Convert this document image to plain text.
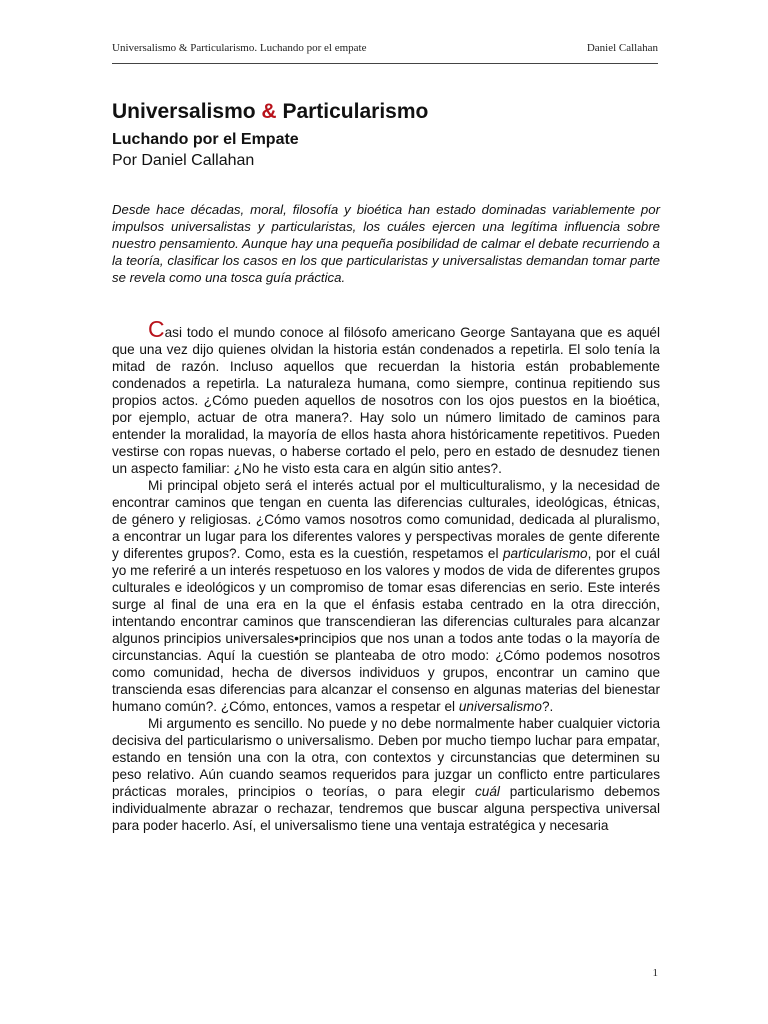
Universalismo & Particularismo. Luchando por el empate	Daniel Callahan
Universalismo & Particularismo

Luchando por el Empate

Por Daniel Callahan

Desde hace décadas, moral, filosofía y bioética han estado dominadas variablemente por impulsos universalistas y particularistas, los cuáles ejercen una legítima influencia sobre nuestro pensamiento. Aunque hay una pequeña posibilidad de calmar el debate recurriendo a la teoría, clasificar los casos en los que particularistas y universalistas demandan tomar parte se revela como una tosca guía práctica.

Casi todo el mundo conoce al filósofo americano George Santayana que es aquél que una vez dijo quienes olvidan la historia están condenados a repetirla. El solo tenía la mitad de razón. Incluso aquellos que recuerdan la historia están probablemente condenados a repetirla. La naturaleza humana, como siempre, continua repitiendo sus propios actos. ¿Cómo pueden aquellos de nosotros con los ojos puestos en la bioética, por ejemplo, actuar de otra manera?. Hay solo un número limitado de caminos para entender la moralidad, la mayoría de ellos hasta ahora históricamente repetitivos. Pueden vestirse con ropas nuevas, o haberse cortado el pelo, pero en estado de desnudez tienen un aspecto familiar: ¿No he visto esta cara en algún sitio antes?.

Mi principal objeto será el interés actual por el multiculturalismo, y la necesidad de encontrar caminos que tengan en cuenta las diferencias culturales, ideológicas, étnicas, de género y religiosas. ¿Cómo vamos nosotros como comunidad, dedicada al pluralismo, a encontrar un lugar para los diferentes valores y perspectivas morales de gente diferente y diferentes grupos?. Como, esta es la cuestión, respetamos el particularismo, por el cuál yo me referiré a un interés respetuoso en los valores y modos de vida de diferentes grupos culturales e ideológicos y un compromiso de tomar esas diferencias en serio. Este interés surge al final de una era en la que el énfasis estaba centrado en la otra dirección, intentando encontrar caminos que transcendieran las diferencias culturales para alcanzar algunos principios universales•principios que nos unan a todos ante todas o la mayoría de circunstancias. Aquí la cuestión se planteaba de otro modo: ¿Cómo podemos nosotros como comunidad, hecha de diversos individuos y grupos, encontrar un camino que transcienda esas diferencias para alcanzar el consenso en algunas materias del bienestar humano común?. ¿Cómo, entonces, vamos a respetar el universalismo?.

Mi argumento es sencillo. No puede y no debe normalmente haber cualquier victoria decisiva del particularismo o universalismo. Deben por mucho tiempo luchar para empatar, estando en tensión una con la otra, con contextos y circunstancias que determinen su peso relativo. Aún cuando seamos requeridos para juzgar un conflicto entre particulares prácticas morales, principios o teorías, o para elegir cuál particularismo debemos individualmente abrazar o rechazar, tendremos que buscar alguna perspectiva universal para poder hacerlo. Así, el universalismo tiene una ventaja estratégica y necesaria

1
